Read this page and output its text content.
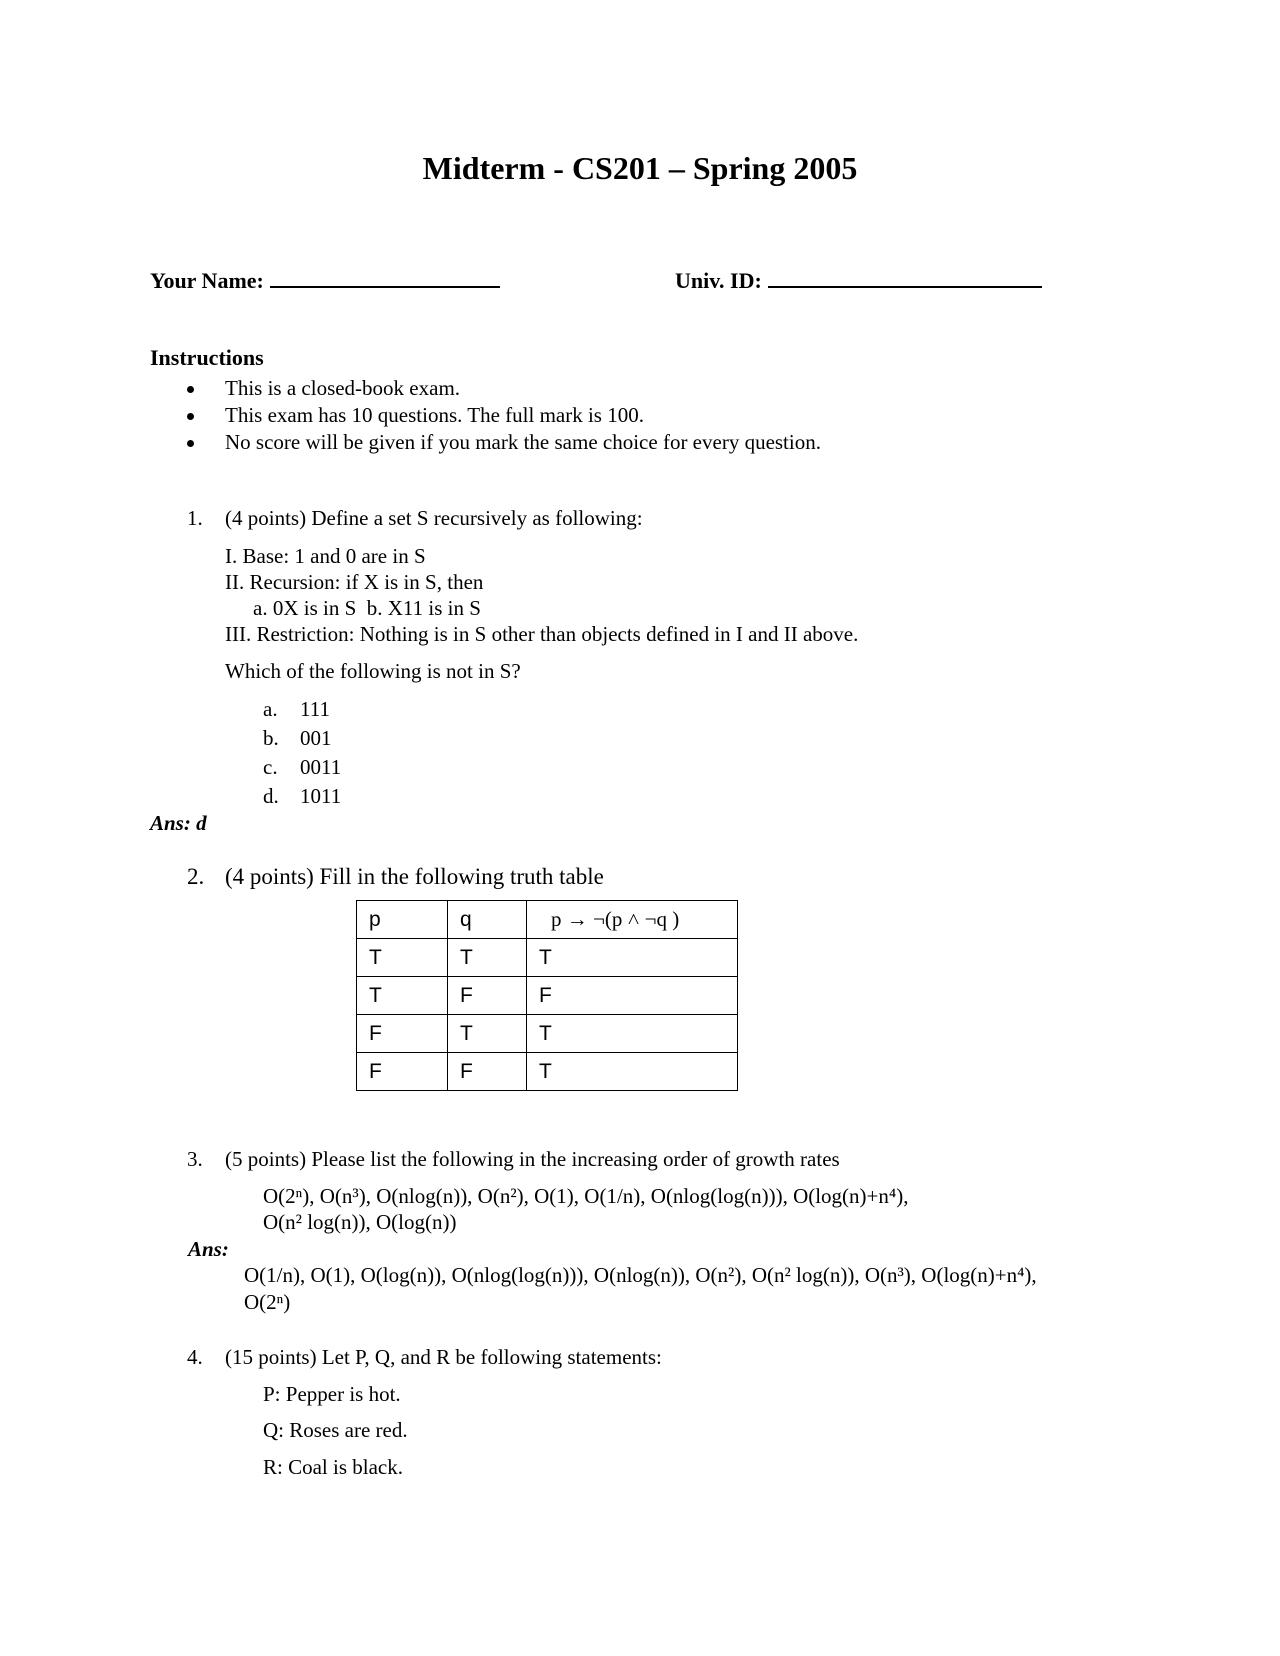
Midterm - CS201 – Spring 2005
Your Name:	Univ. ID:
Instructions
This is a closed-book exam.
This exam has 10 questions. The full mark is 100.
No score will be given if you mark the same choice for every question.
1. (4 points) Define a set S recursively as following:
I. Base: 1 and 0 are in S
II. Recursion: if X is in S, then
a. 0X is in S  b. X11 is in S
III. Restriction: Nothing is in S other than objects defined in I and II above.
Which of the following is not in S?
a. 111
b. 001
c. 0011
d. 1011
Ans: d
2. (4 points) Fill in the following truth table
p	q	p → ¬(p ˄ ¬q )
T	T	T
T	F	F
F	T	T
F	F	T
3. (5 points) Please list the following in the increasing order of growth rates
O(2ⁿ), O(n³), O(nlog(n)), O(n²), O(1), O(1/n), O(nlog(log(n))), O(log(n)+n⁴),
O(n² log(n)), O(log(n))
Ans:
O(1/n), O(1), O(log(n)), O(nlog(log(n))), O(nlog(n)), O(n²), O(n² log(n)), O(n³), O(log(n)+n⁴),
O(2ⁿ)
4. (15 points) Let P, Q, and R be following statements:
P: Pepper is hot.
Q: Roses are red.
R: Coal is black.
